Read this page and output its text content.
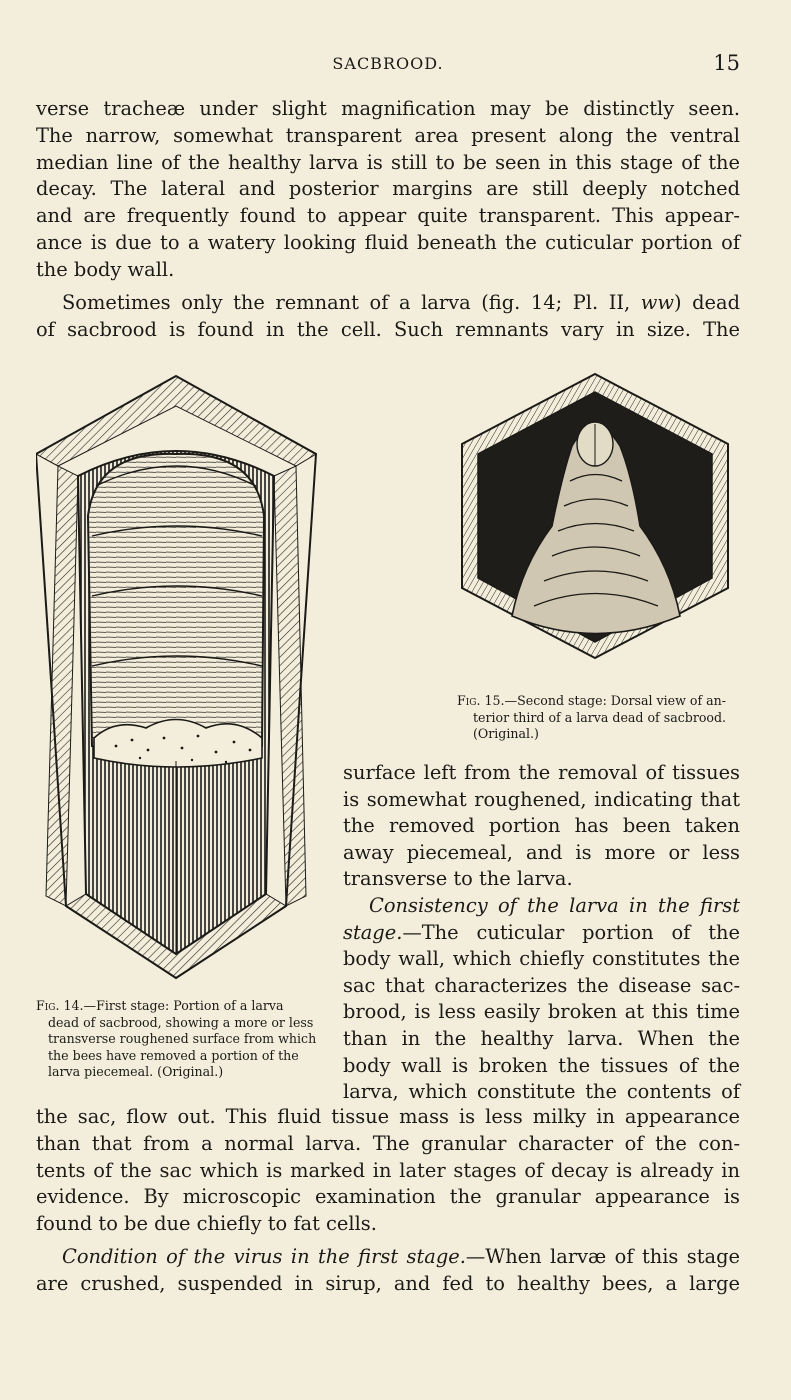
SACBROOD.	15

verse tracheæ under slight magnification may be distinctly seen.
The narrow, somewhat transparent area present along the ventral
median line of the healthy larva is still to be seen in this stage of the
decay. The lateral and posterior margins are still deeply notched
and are frequently found to appear quite transparent. This appear-
ance is due to a watery looking fluid beneath the cuticular portion of
the body wall.

Sometimes only the remnant of a larva (fig. 14; Pl. II, ww) dead
of sacbrood is found in the cell. Such remnants vary in size. The

Fig. 14.—First stage: Portion of a larva
dead of sacbrood, showing a more or less
transverse roughened surface from which
the bees have removed a portion of the
larva piecemeal. (Original.)
Fig. 15.—Second stage: Dorsal view of an-
terior third of a larva dead of sacbrood.
(Original.)
surface left from the removal of tissues
is somewhat roughened, indicating that
the removed portion has been taken
away piecemeal, and is more or less
transverse to the larva.
Consistency of the larva in the first
stage.—The cuticular portion of the
body wall, which chiefly constitutes the
sac that characterizes the disease sac-
brood, is less easily broken at this time
than in the healthy larva. When the
body wall is broken the tissues of the
larva, which constitute the contents of

the sac, flow out. This fluid tissue mass is less milky in appearance
than that from a normal larva. The granular character of the con-
tents of the sac which is marked in later stages of decay is already in
evidence. By microscopic examination the granular appearance is
found to be due chiefly to fat cells.

Condition of the virus in the first stage.—When larvæ of this stage
are crushed, suspended in sirup, and fed to healthy bees, a large
